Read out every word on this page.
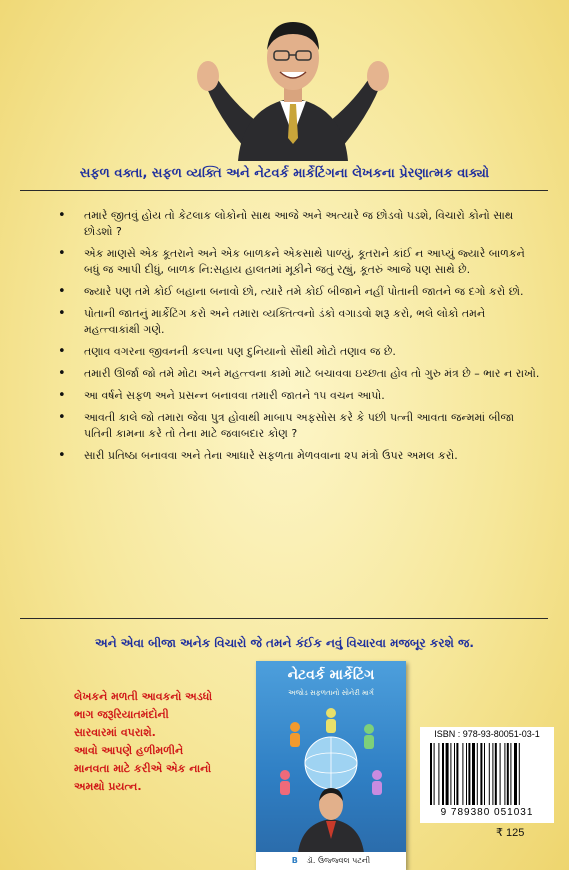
સફળ વક્તા, સફળ વ્યક્તિ અને નેટવર્ક માર્કેટિંગના લેખકના પ્રેરણાત્મક વાક્યો
• તમારે જીતવું હોય તો કેટલાક લોકોનો સાથ આજે અને અત્યારે જ છોડવો પડશે, વિચારો કોનો સાથ છોડશો ?
• એક માણસે એક કૂતરાને અને એક બાળકને એકસાથે પાળ્યું, કૂતરાને કાંઈ ન આપ્યું જ્યારે બાળકને બધું જ આપી દીધું, બાળક નિ:સહાય હાલતમાં મૂકીને જતું રહ્યું, કૂતરું આજે પણ સાથે છે.
• જ્યારે પણ તમે કોઈ બહાના બનાવો છો, ત્યારે તમે કોઈ બીજાને નહીં પોતાની જાતને જ દગો કરો છો.
• પોતાની જાતનું માર્કેટિંગ કરો અને તમારા વ્યક્તિત્વનો ડંકો વગાડવો શરૂ કરો, ભલે લોકો તમને મહત્ત્વાકાંક્ષી ગણે.
• તણાવ વગરના જીવનની કલ્પના પણ દુનિયાનો સૌથી મોટો તણાવ જ છે.
• તમારી ઊર્જા જો તમે મોટા અને મહત્ત્વના કામો માટે બચાવવા ઇચ્છતા હોવ તો ગુરુ મંત્ર છે – ભાર ન રાખો.
• આ વર્ષને સફળ અને પ્રસન્ન બનાવવા તમારી જાતને ૧૫ વચન આપો.
• આવતી કાલે જો તમારા જેવા પુત્ર હોવાથી માબાપ અફસોસ કરે કે પછી પત્ની આવતા જન્મમાં બીજા પતિની કામના કરે તો તેના માટે જવાબદાર કોણ ?
• સારી પ્રતિષ્ઠા બનાવવા અને તેના આધારે સફળતા મેળવવાના ૨૫ મંત્રો ઉપર અમલ કરો.
અને એવા બીજા અનેક વિચારો જે તમને કંઈક નવું વિચારવા મજબૂર કરશે જ.
લેખકને મળતી આવકનો અડધો
ભાગ જરૂરિયાતમંદોની
સારવારમાં વપરાશે.
આવો આપણે હળીમળીને
માનવતા માટે કરીએ એક નાનો
અમથો પ્રયત્ન.
નેટવર્ક માર્કેટિંગ
અજોડ સફળતાનો સોનેરી માર્ગ
B ડૉ. ઉજ્જ્વલ પટની
ISBN : 978-93-80051-03-1
9 789380 051031
₹ 125
